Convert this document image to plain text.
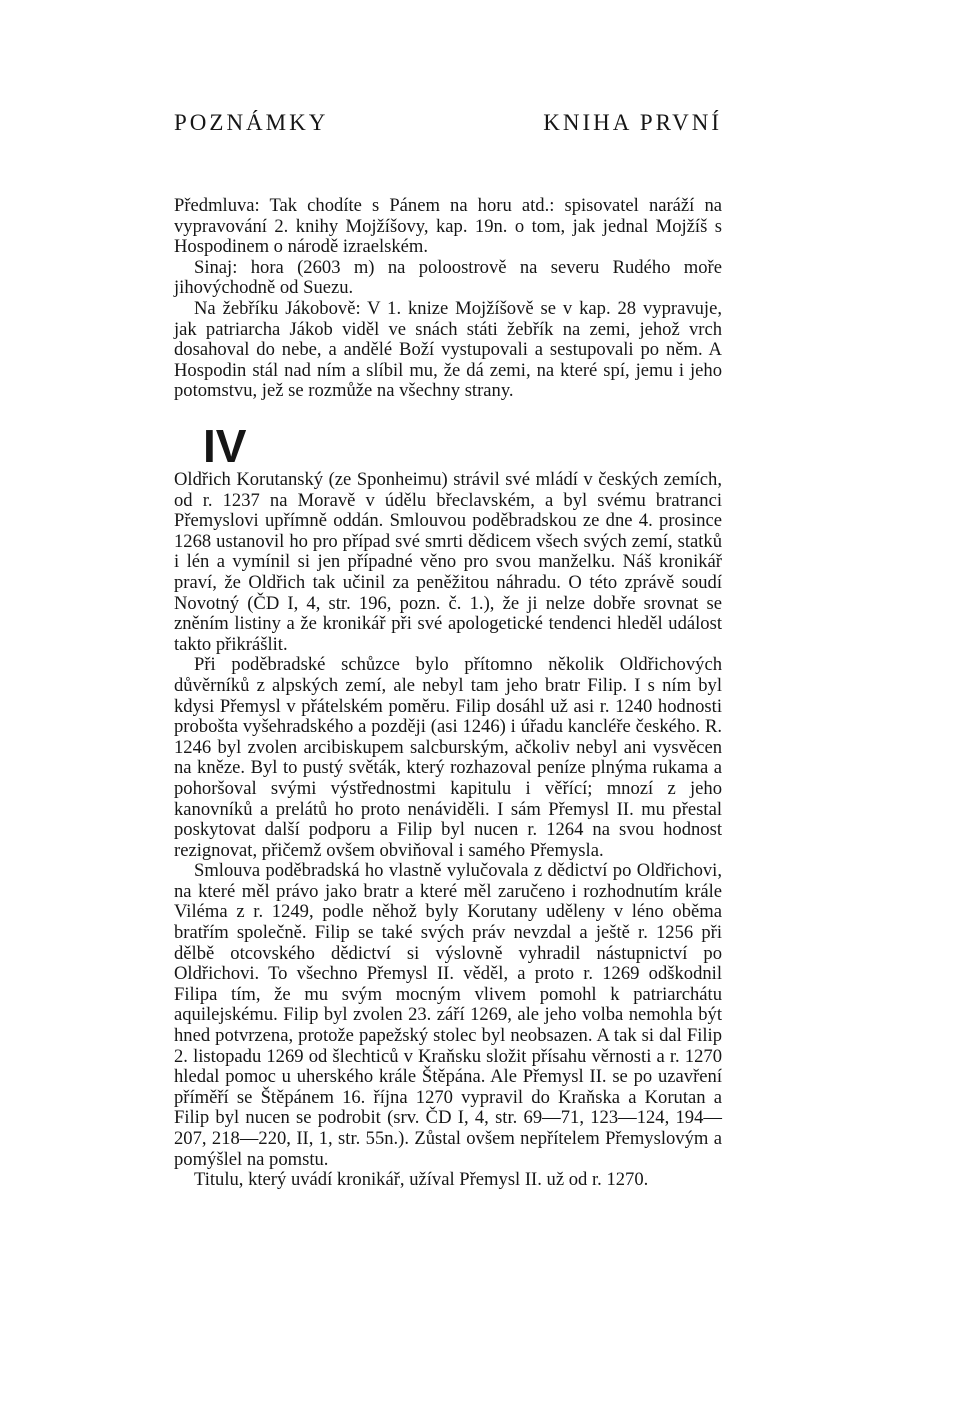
POZNÁMKY	KNIHA PRVNÍ

Předmluva: Tak chodíte s Pánem na horu atd.: spisovatel naráží na vypravování 2. knihy Mojžíšovy, kap. 19n. o tom, jak jednal Mojžíš s Hospodinem o národě izraelském.

Sinaj: hora (2603 m) na poloostrově na severu Rudého moře jihovýchodně od Suezu.

Na žebříku Jákobově: V 1. knize Mojžíšově se v kap. 28 vypravuje, jak patriarcha Jákob viděl ve snách státi žebřík na zemi, jehož vrch dosahoval do nebe, a andělé Boží vystupovali a sestupovali po něm. A Hospodin stál nad ním a slíbil mu, že dá zemi, na které spí, jemu i jeho potomstvu, jež se rozmůže na všechny strany.

IV

Oldřich Korutanský (ze Sponheimu) strávil své mládí v českých zemích, od r. 1237 na Moravě v údělu břeclavském, a byl svému bratranci Přemyslovi upřímně oddán. Smlouvou poděbradskou ze dne 4. prosince 1268 ustanovil ho pro případ své smrti dědicem všech svých zemí, statků i lén a vymínil si jen případné věno pro svou manželku. Náš kronikář praví, že Oldřich tak učinil za peněžitou náhradu. O této zprávě soudí Novotný (ČD I, 4, str. 196, pozn. č. 1.), že ji nelze dobře srovnat se zněním listiny a že kronikář při své apologetické tendenci hleděl událost takto přikrášlit.

Při poděbradské schůzce bylo přítomno několik Oldřichových důvěrníků z alpských zemí, ale nebyl tam jeho bratr Filip. I s ním byl kdysi Přemysl v přátelském poměru. Filip dosáhl už asi r. 1240 hodnosti probošta vyšehradského a později (asi 1246) i úřadu kancléře českého. R. 1246 byl zvolen arcibiskupem salcburským, ačkoliv nebyl ani vysvěcen na kněze. Byl to pustý světák, který rozhazoval peníze plnýma rukama a pohoršoval svými výstřednostmi kapitulu i věřící; mnozí z jeho kanovníků a prelátů ho proto nenáviděli. I sám Přemysl II. mu přestal poskytovat další podporu a Filip byl nucen r. 1264 na svou hodnost rezignovat, přičemž ovšem obviňoval i samého Přemysla.

Smlouva poděbradská ho vlastně vylučovala z dědictví po Oldřichovi, na které měl právo jako bratr a které měl zaručeno i rozhodnutím krále Viléma z r. 1249, podle něhož byly Korutany uděleny v léno oběma bratřím společně. Filip se také svých práv nevzdal a ještě r. 1256 při dělbě otcovského dědictví si výslovně vyhradil nástupnictví po Oldřichovi. To všechno Přemysl II. věděl, a proto r. 1269 odškodnil Filipa tím, že mu svým mocným vlivem pomohl k patriarchátu aquilejskému. Filip byl zvolen 23. září 1269, ale jeho volba nemohla být hned potvrzena, protože papežský stolec byl neobsazen. A tak si dal Filip 2. listopadu 1269 od šlechticů v Kraňsku složit přísahu věrnosti a r. 1270 hledal pomoc u uherského krále Štěpána. Ale Přemysl II. se po uzavření příměří se Štěpánem 16. října 1270 vypravil do Kraňska a Korutan a Filip byl nucen se podrobit (srv. ČD I, 4, str. 69—71, 123—124, 194—207, 218—220, II, 1, str. 55n.). Zůstal ovšem nepřítelem Přemyslovým a pomýšlel na pomstu.

Titulu, který uvádí kronikář, užíval Přemysl II. už od r. 1270.
